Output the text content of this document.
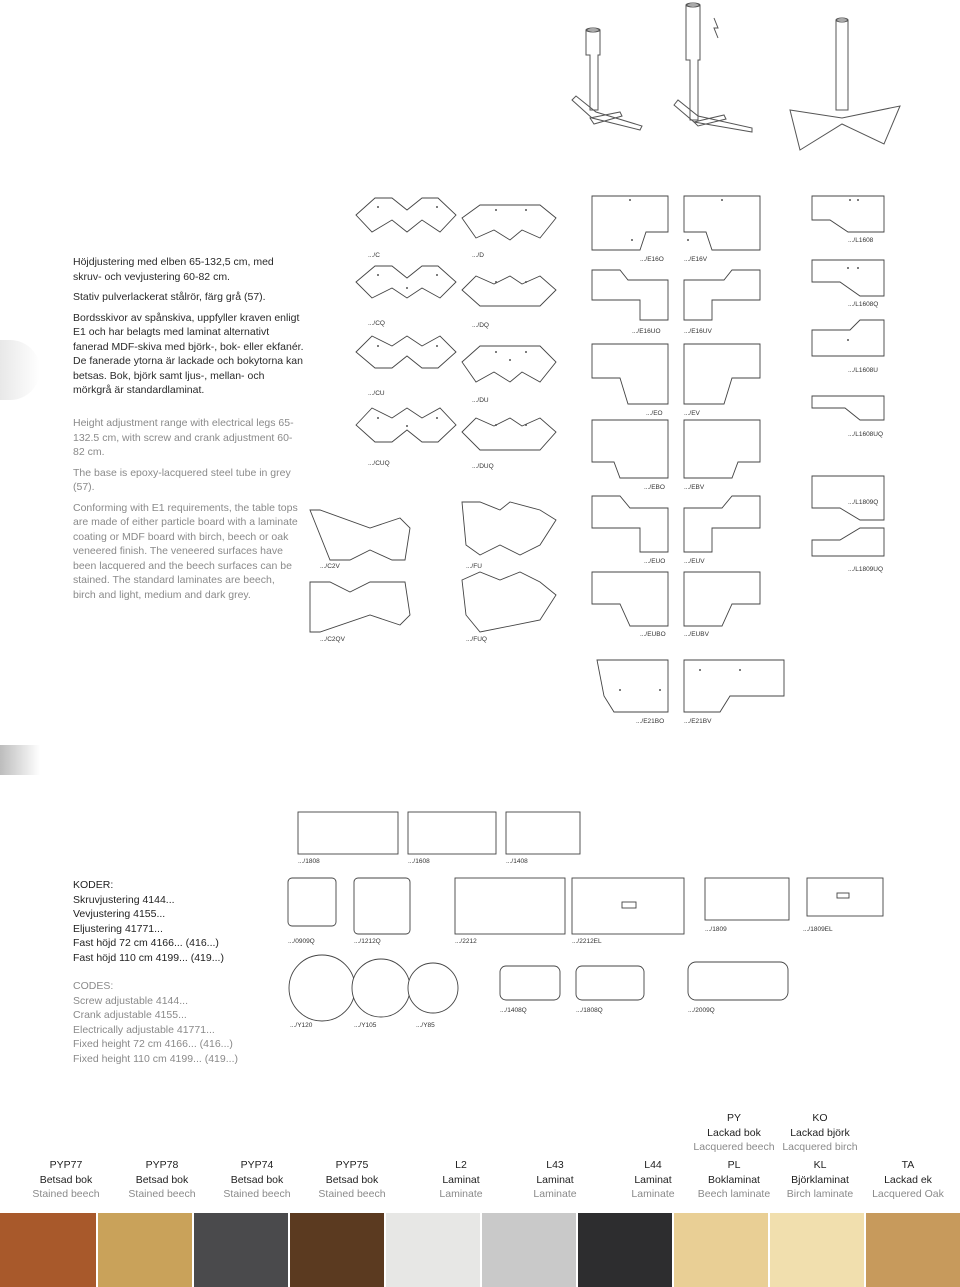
Höjdjustering med elben 65-132,5 cm, med skruv- och vevjustering 60-82 cm.

Stativ pulverlackerat stålrör, färg grå (57).

Bordsskivor av spånskiva, uppfyller kraven enligt E1 och har belagts med laminat alternativt fanerad MDF-skiva med björk-, bok- eller ekfanér. De fanerade ytorna är lackade och bokytorna kan betsas. Bok, björk samt ljus-, mellan- och mörkgrå är standardlaminat.

Height adjustment range with electrical legs 65-132.5 cm, with screw and crank adjustment 60-82 cm.

The base is epoxy-lacquered steel tube in grey (57).

Conforming with E1 requirements, the table tops are made of either particle board with a laminate coating or MDF board with birch, beech or oak veneered finish. The veneered surfaces have been lacquered and the beech surfaces can be stained. The standard laminates are beech, birch and light, medium and dark grey.

.../C
.../CQ
.../CU
.../CUQ
.../C2V
.../C2QV
.../D
.../DQ
.../DU
.../DUQ
.../FU
.../FUQ
.../E16O	.../E16V
.../E16UO	.../E16UV
.../EO	.../EV
.../EBO	.../EBV
.../EUO	.../EUV
.../EUBO	.../EUBV
.../E21BO	.../E21BV
.../L1608
.../L1608Q
.../L1608U
.../L1608UQ
.../L1809Q
.../L1809UQ
.../1808	.../1608	.../1408
.../0909Q	.../1212Q	.../2212	.../2212EL
.../1809	.../1809EL
.../Y120	.../Y105	.../Y85
.../1408Q	.../1808Q	.../2009Q
KODER:
Skruvjustering 4144...
Vevjustering 4155...
Eljustering 41771...
Fast höjd 72 cm 4166... (416...)
Fast höjd 110 cm 4199... (419...)
CODES:
Screw adjustable 4144...
Crank adjustable 4155...
Electrically adjustable 41771...
Fixed height 72 cm 4166... (416...)
Fixed height 110 cm 4199... (419...)
PY
Lackad bok
Lacquered beech
KO
Lackad björk
Lacquered birch
PYP77
Betsad bok
Stained beech
PYP78
Betsad bok
Stained beech
PYP74
Betsad bok
Stained beech
PYP75
Betsad bok
Stained beech
L2
Laminat
Laminate
L43
Laminat
Laminate
L44
Laminat
Laminate
PL
Boklaminat
Beech laminate
KL
Björklaminat
Birch laminate
TA
Lackad ek
Lacquered Oak
